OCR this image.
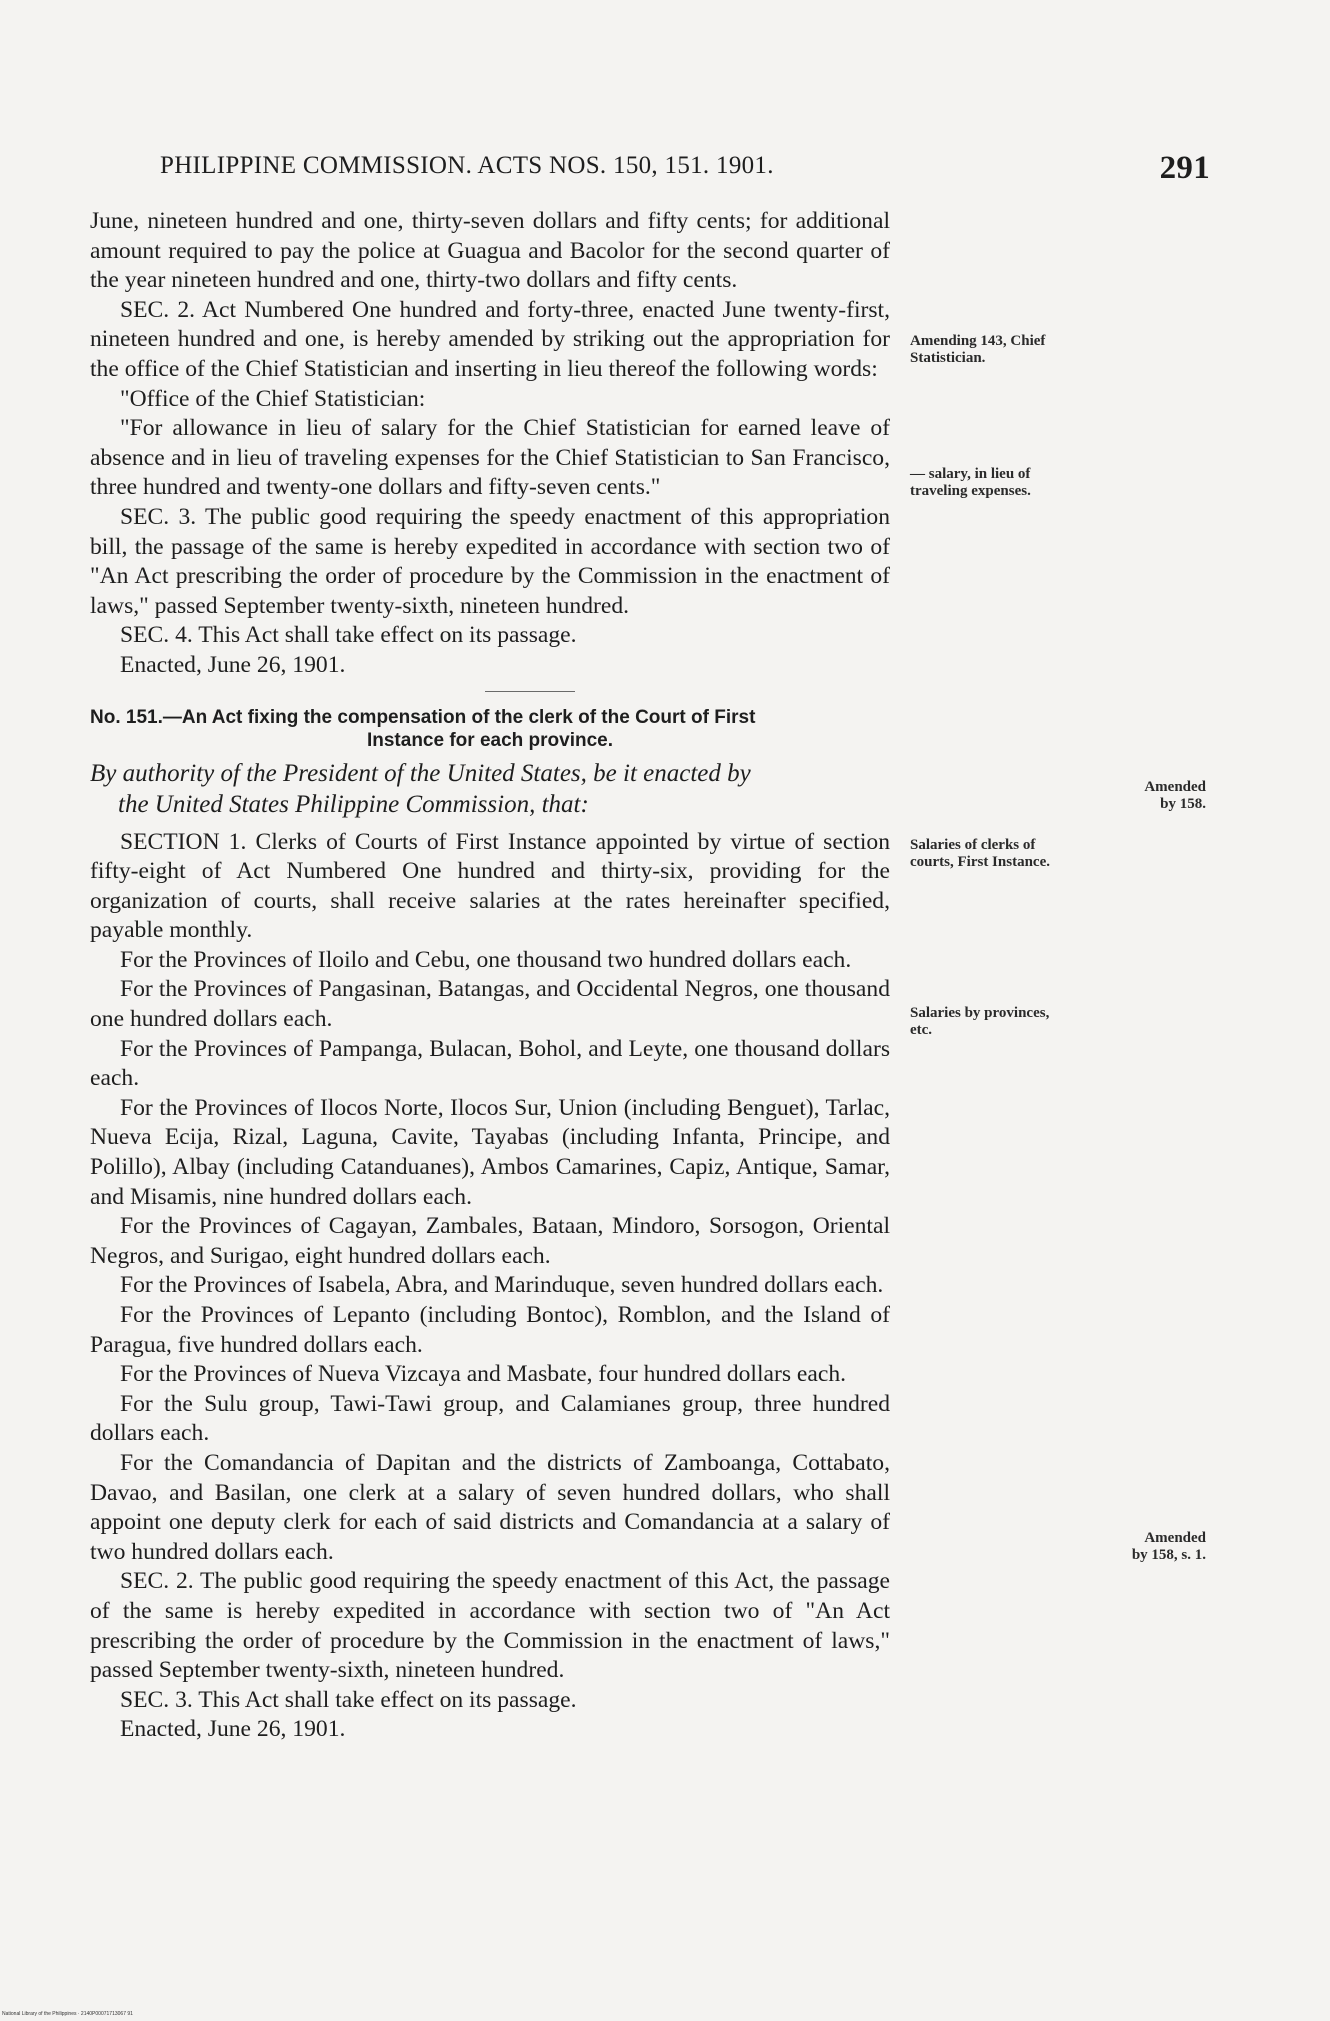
PHILIPPINE COMMISSION. ACTS NOS. 150, 151. 1901.	291

June, nineteen hundred and one, thirty-seven dollars and fifty cents; for additional amount required to pay the police at Guagua and Bacolor for the second quarter of the year nineteen hundred and one, thirty-two dollars and fifty cents.

SEC. 2. Act Numbered One hundred and forty-three, enacted June twenty-first, nineteen hundred and one, is hereby amended by striking out the appropriation for the office of the Chief Statistician and inserting in lieu thereof the following words:

"Office of the Chief Statistician:

"For allowance in lieu of salary for the Chief Statistician for earned leave of absence and in lieu of traveling expenses for the Chief Statistician to San Francisco, three hundred and twenty-one dollars and fifty-seven cents."

SEC. 3. The public good requiring the speedy enactment of this appropriation bill, the passage of the same is hereby expedited in accordance with section two of "An Act prescribing the order of procedure by the Commission in the enactment of laws," passed September twenty-sixth, nineteen hundred.

SEC. 4. This Act shall take effect on its passage.

Enacted, June 26, 1901.

No. 151.—An Act fixing the compensation of the clerk of the Court of First
Instance for each province.

By authority of the President of the United States, be it enacted by
the United States Philippine Commission, that:

SECTION 1. Clerks of Courts of First Instance appointed by virtue of section fifty-eight of Act Numbered One hundred and thirty-six, providing for the organization of courts, shall receive salaries at the rates hereinafter specified, payable monthly.

For the Provinces of Iloilo and Cebu, one thousand two hundred dollars each.

For the Provinces of Pangasinan, Batangas, and Occidental Negros, one thousand one hundred dollars each.

For the Provinces of Pampanga, Bulacan, Bohol, and Leyte, one thousand dollars each.

For the Provinces of Ilocos Norte, Ilocos Sur, Union (including Benguet), Tarlac, Nueva Ecija, Rizal, Laguna, Cavite, Tayabas (including Infanta, Principe, and Polillo), Albay (including Catanduanes), Ambos Camarines, Capiz, Antique, Samar, and Misamis, nine hundred dollars each.

For the Provinces of Cagayan, Zambales, Bataan, Mindoro, Sorsogon, Oriental Negros, and Surigao, eight hundred dollars each.

For the Provinces of Isabela, Abra, and Marinduque, seven hundred dollars each.

For the Provinces of Lepanto (including Bontoc), Romblon, and the Island of Paragua, five hundred dollars each.

For the Provinces of Nueva Vizcaya and Masbate, four hundred dollars each.

For the Sulu group, Tawi-Tawi group, and Calamianes group, three hundred dollars each.

For the Comandancia of Dapitan and the districts of Zamboanga, Cottabato, Davao, and Basilan, one clerk at a salary of seven hundred dollars, who shall appoint one deputy clerk for each of said districts and Comandancia at a salary of two hundred dollars each.

SEC. 2. The public good requiring the speedy enactment of this Act, the passage of the same is hereby expedited in accordance with section two of "An Act prescribing the order of procedure by the Commission in the enactment of laws," passed September twenty-sixth, nineteen hundred.

SEC. 3. This Act shall take effect on its passage.

Enacted, June 26, 1901.

Amending 143, Chief
Statistician.
— salary, in lieu of
traveling expenses.
Amended
by 158.
Salaries of clerks of
courts, First Instance.
Salaries by provinces,
etc.
Amended
by 158, s. 1.
National Library of the Philippines · 2140P00071713067 91
